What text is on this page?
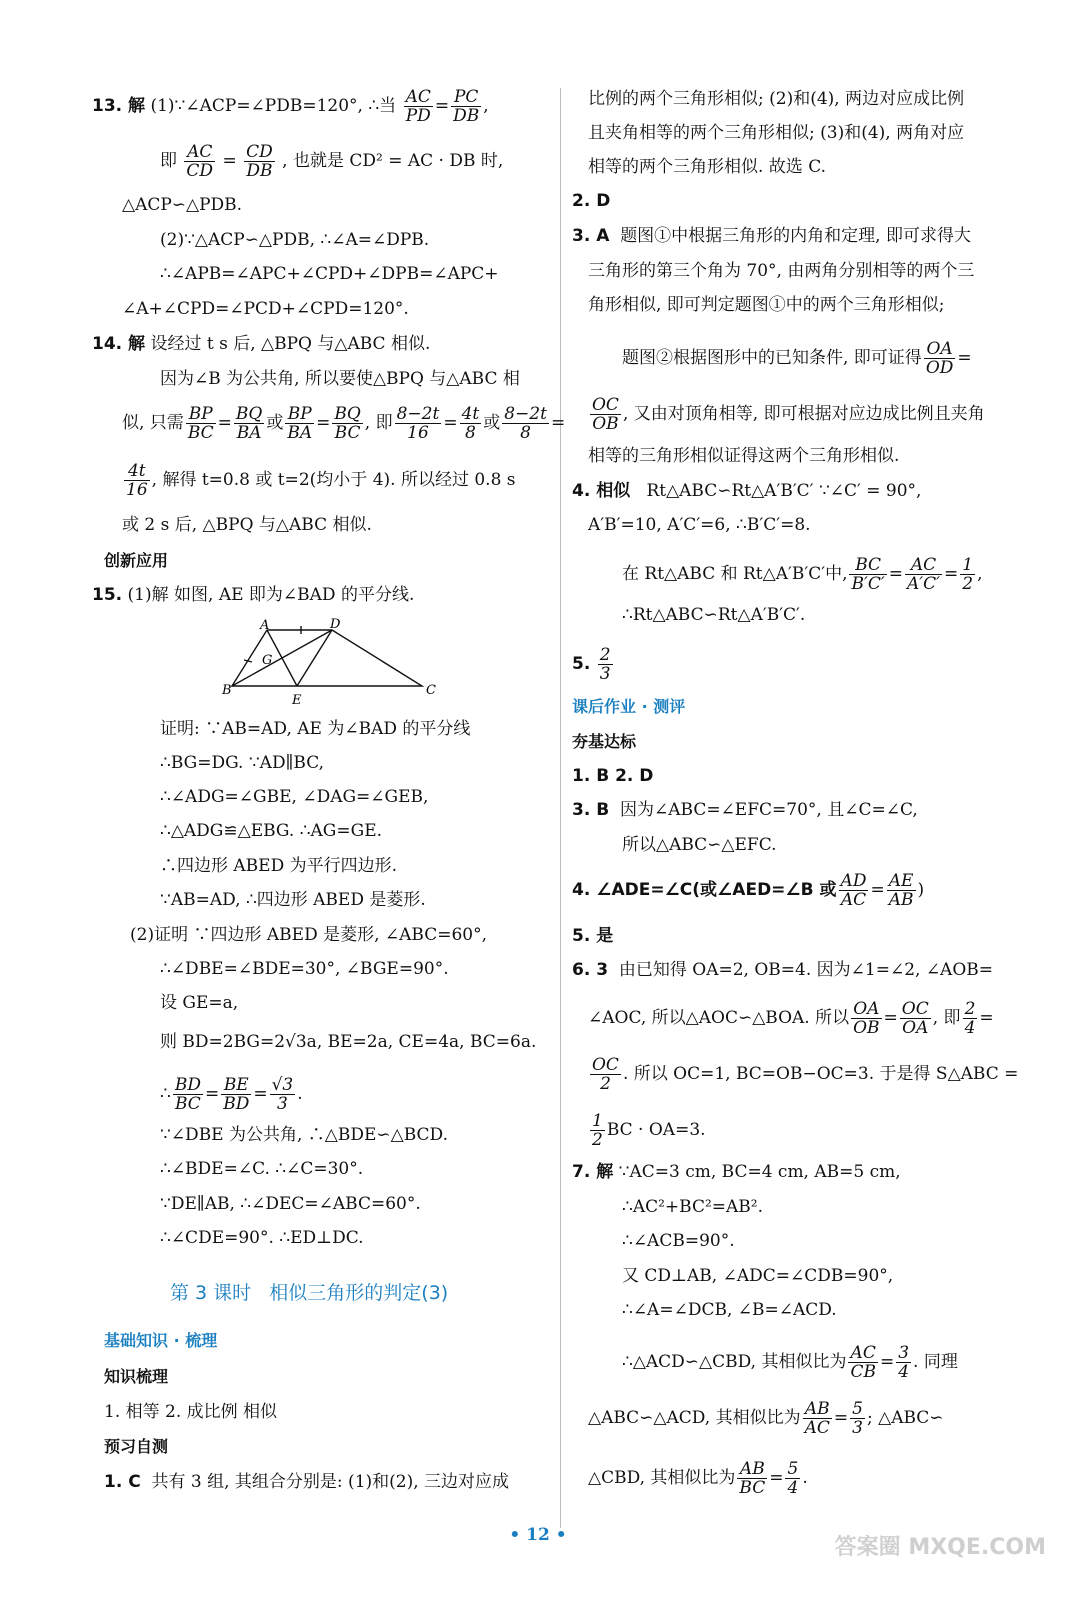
13. 解 (1)∵∠ACP=∠PDB=120°, ∴当 $\frac{AC}{PD} = \frac{PC}{DB}$ ,
即 $\frac{AC}{CD} = \frac{CD}{DB}$ , 也就是 CD² = AC · DB 时,
△ACP∽△PDB.
(2)∵△ACP∽△PDB, ∴∠A=∠DPB.
∴∠APB=∠APC+∠CPD+∠DPB=∠APC+
∠A+∠CPD=∠PCD+∠CPD=120°.
14. 解 设经过 t s 后, △BPQ 与△ABC 相似.
因为∠B 为公共角, 所以要使△BPQ 与△ABC 相
似, 只需 $\frac{BP}{BC} = \frac{BQ}{BA}$ 或 $\frac{BP}{BA} = \frac{BQ}{BC}$ , 即 $\frac{8-2t}{16} = \frac{4t}{8}$ 或 $\frac{8-2t}{8}$ =
$\frac{4t}{16}$ , 解得 t=0.8 或 t=2(均小于 4). 所以经过 0.8 s
或 2 s 后, △BPQ 与△ABC 相似.
创新应用
15. (1)解 如图, AE 即为∠BAD 的平分线.
A	D
G
B
E
C
证明: ∵AB=AD, AE 为∠BAD 的平分线
∴BG=DG. ∵AD∥BC,
∴∠ADG=∠GBE, ∠DAG=∠GEB,
∴△ADG≌△EBG. ∴AG=GE.
∴四边形 ABED 为平行四边形.
∵AB=AD, ∴四边形 ABED 是菱形.
(2)证明 ∵四边形 ABED 是菱形, ∠ABC=60°,
∴∠DBE=∠BDE=30°, ∠BGE=90°.
设 GE=a,
则 BD=2BG=2√3a, BE=2a, CE=4a, BC=6a.
∴ $\frac{BD}{BC} = \frac{BE}{BD} = \frac{√3}{3}$ .
∵∠DBE 为公共角, ∴△BDE∽△BCD.
∴∠BDE=∠C. ∴∠C=30°.
∵DE∥AB, ∴∠DEC=∠ABC=60°.
∴∠CDE=90°. ∴ED⊥DC.
第 3 课时 相似三角形的判定(3)
基础知识 · 梳理
知识梳理
1. 相等 2. 成比例 相似
预习自测
1. C 共有 3 组, 其组合分别是: (1)和(2), 三边对应成
比例的两个三角形相似; (2)和(4), 两边对应成比例
且夹角相等的两个三角形相似; (3)和(4), 两角对应
相等的两个三角形相似. 故选 C.
2. D
3. A 题图①中根据三角形的内角和定理, 即可求得大
三角形的第三个角为 70°, 由两角分别相等的两个三
角形相似, 即可判定题图①中的两个三角形相似;
题图②根据图形中的已知条件, 即可证得 $\frac{OA}{OD}$ =
$\frac{OC}{OB}$ , 又由对顶角相等, 即可根据对应边成比例且夹角
相等的三角形相似证得这两个三角形相似.
4. 相似 Rt△ABC∽Rt△A′B′C′ ∵∠C′ = 90°,
A′B′=10, A′C′=6, ∴B′C′=8.
在 Rt△ABC 和 Rt△A′B′C′中, $\frac{BC}{B'C'} = \frac{AC}{A'C'} = \frac{1}{2}$ ,
∴Rt△ABC∽Rt△A′B′C′.
5. $\frac{2}{3}$
课后作业 · 测评
夯基达标
1. B 2. D
3. B 因为∠ABC=∠EFC=70°, 且∠C=∠C,
所以△ABC∽△EFC.
4. ∠ADE=∠C(或∠AED=∠B 或 $\frac{AD}{AC} = \frac{AE}{AB}$ )
5. 是
6. 3 由已知得 OA=2, OB=4. 因为∠1=∠2, ∠AOB=
∠AOC, 所以△AOC∽△BOA. 所以 $\frac{OA}{OB} = \frac{OC}{OA}$ , 即 $\frac{2}{4}$ =
$\frac{OC}{2}$ . 所以 OC=1, BC=OB−OC=3. 于是得 S△ABC =
$\frac{1}{2}$ BC · OA=3.
7. 解 ∵AC=3 cm, BC=4 cm, AB=5 cm,
∴AC²+BC²=AB².
∴∠ACB=90°.
又 CD⊥AB, ∠ADC=∠CDB=90°,
∴∠A=∠DCB, ∠B=∠ACD.
∴△ACD∽△CBD, 其相似比为 $\frac{AC}{CB} = \frac{3}{4}$ . 同理
△ABC∽△ACD, 其相似比为 $\frac{AB}{AC} = \frac{5}{3}$ ; △ABC∽
△CBD, 其相似比为 $\frac{AB}{BC} = \frac{5}{4}$ .
• 12 •	答案圈 MXQE.COM
